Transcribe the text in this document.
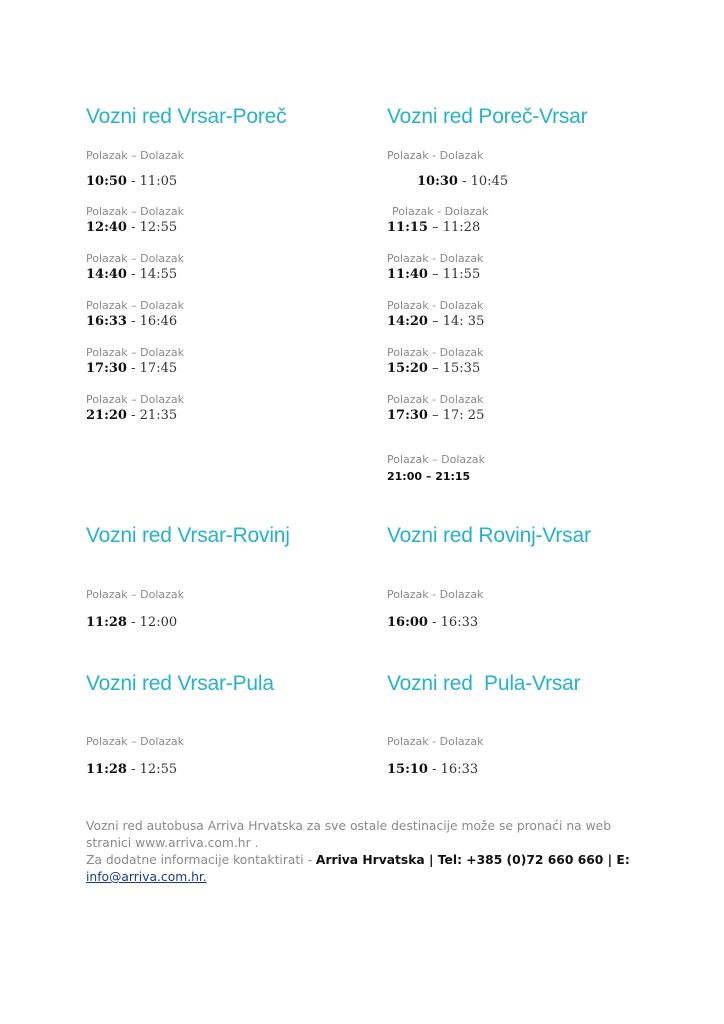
Vozni red Vrsar-Poreč
Polazak – Dolazak
10:50 - 11:05
Polazak – Dolazak
12:40 - 12:55
Polazak – Dolazak
14:40 - 14:55
Polazak – Dolazak
16:33 - 16:46
Polazak – Dolazak
17:30 - 17:45
Polazak – Dolazak
21:20 - 21:35
Vozni red Poreč-Vrsar
Polazak - Dolazak
10:30 - 10:45
Polazak - Dolazak
11:15 – 11:28
Polazak - Dolazak
11:40 – 11:55
Polazak - Dolazak
14:20 – 14: 35
Polazak - Dolazak
15:20 – 15:35
Polazak - Dolazak
17:30 – 17: 25
Polazak – Dolazak
21:00 – 21:15
Vozni red Vrsar-Rovinj
Polazak – Dolazak
11:28 - 12:00
Vozni red Rovinj-Vrsar
Polazak - Dolazak
16:00 - 16:33
Vozni red Vrsar-Pula
Polazak – Dolazak
11:28 - 12:55
Vozni red  Pula-Vrsar
Polazak - Dolazak
15:10 - 16:33
Vozni red autobusa Arriva Hrvatska za sve ostale destinacije može se pronaći na web stranici www.arriva.com.hr .
Za dodatne informacije kontaktirati - Arriva Hrvatska | Tel: +385 (0)72 660 660 | E:
info@arriva.com.hr.
